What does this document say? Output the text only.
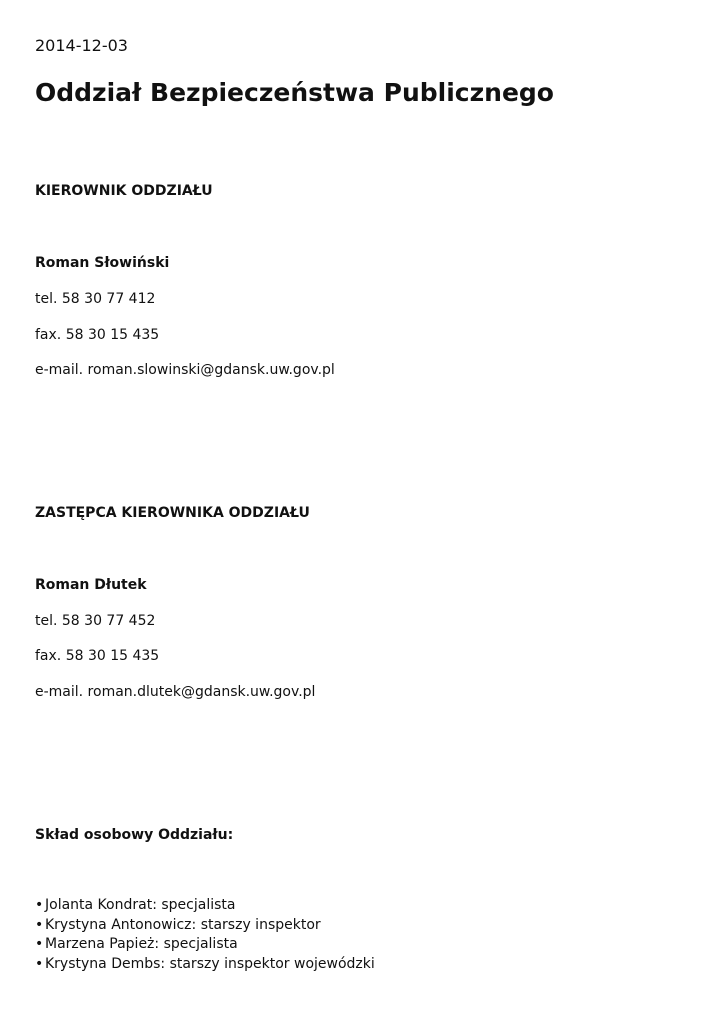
2014-12-03
Oddział Bezpieczeństwa Publicznego
KIEROWNIK ODDZIAŁU
Roman Słowiński
tel. 58 30 77 412
fax. 58 30 15 435
e-mail. roman.slowinski@gdansk.uw.gov.pl
ZASTĘPCA KIEROWNIKA ODDZIAŁU
Roman Dłutek
tel. 58 30 77 452
fax. 58 30 15 435
e-mail. roman.dlutek@gdansk.uw.gov.pl
Skład osobowy Oddziału:
• Jolanta Kondrat: specjalista
• Krystyna Antonowicz: starszy inspektor
• Marzena Papież: specjalista
• Krystyna Dembs: starszy inspektor wojewódzki
